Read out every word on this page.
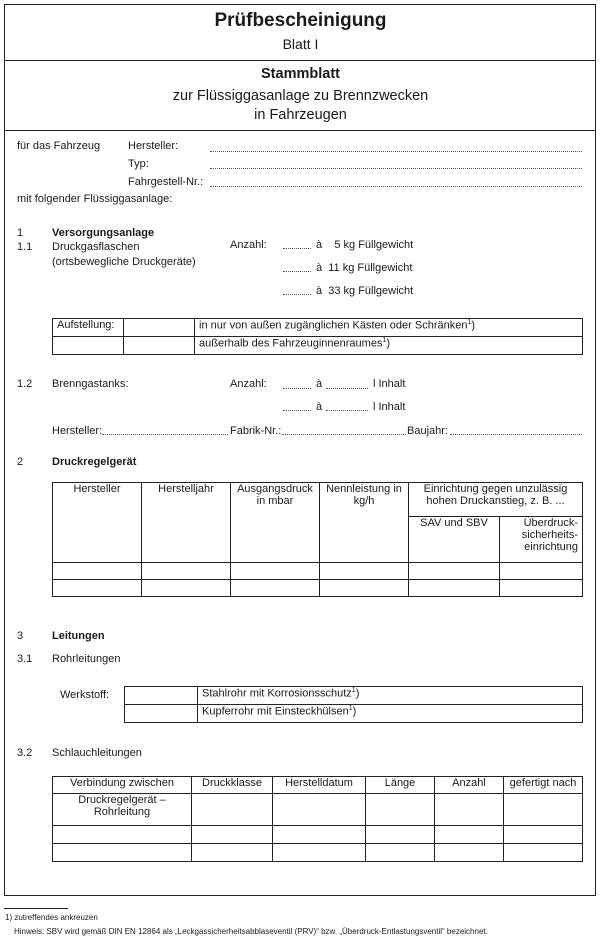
Prüfbescheinigung
Blatt I
Stammblatt
zur Flüssiggasanlage zu Brennzwecken
in Fahrzeugen
für das Fahrzeug	Hersteller:
Typ:
Fahrgestell-Nr.:
mit folgender Flüssiggasanlage:
1	Versorgungsanlage
1.1 Druckgasflaschen
(ortsbewegliche Druckgeräte)
Anzahl:	à    5 kg Füllgewicht
à  11 kg Füllgewicht
à  33 kg Füllgewicht
Aufstellung:		in nur von außen zugänglichen Kästen oder Schränken$^1$)
		außerhalb des Fahrzeuginnenraumes$^1$)
1.2 Brenngastanks:	Anzahl:	à	l Inhalt
à	l Inhalt
Hersteller:	Fabrik-Nr.:	Baujahr:
2	Druckregelgerät
Hersteller	Herstelljahr	Ausgangsdruck in mbar	Nennleistung in kg/h	Einrichtung gegen unzulässig hohen Druckanstieg, z. B. ...	
				SAV und SBV	Überdruck-sicherheits-einrichtung

3	Leitungen
3.1 Rohrleitungen
Werkstoff:
		Stahlrohr mit Korrosionsschutz$^1$)
	Kupferrohr mit Einsteckhülsen$^1$)
3.2 Schlauchleitungen
Verbindung zwischen	Druckklasse	Herstelldatum	Länge	Anzahl	gefertigt nach
Druckregelgerät – Rohrleitung					

1) zutreffendes ankreuzen
Hinweis: SBV wird gemäß DIN EN 12864 als „Leckgassicherheitsabblaseventil (PRV)“ bzw. „Überdruck-Entlastungsventil“ bezeichnet.
